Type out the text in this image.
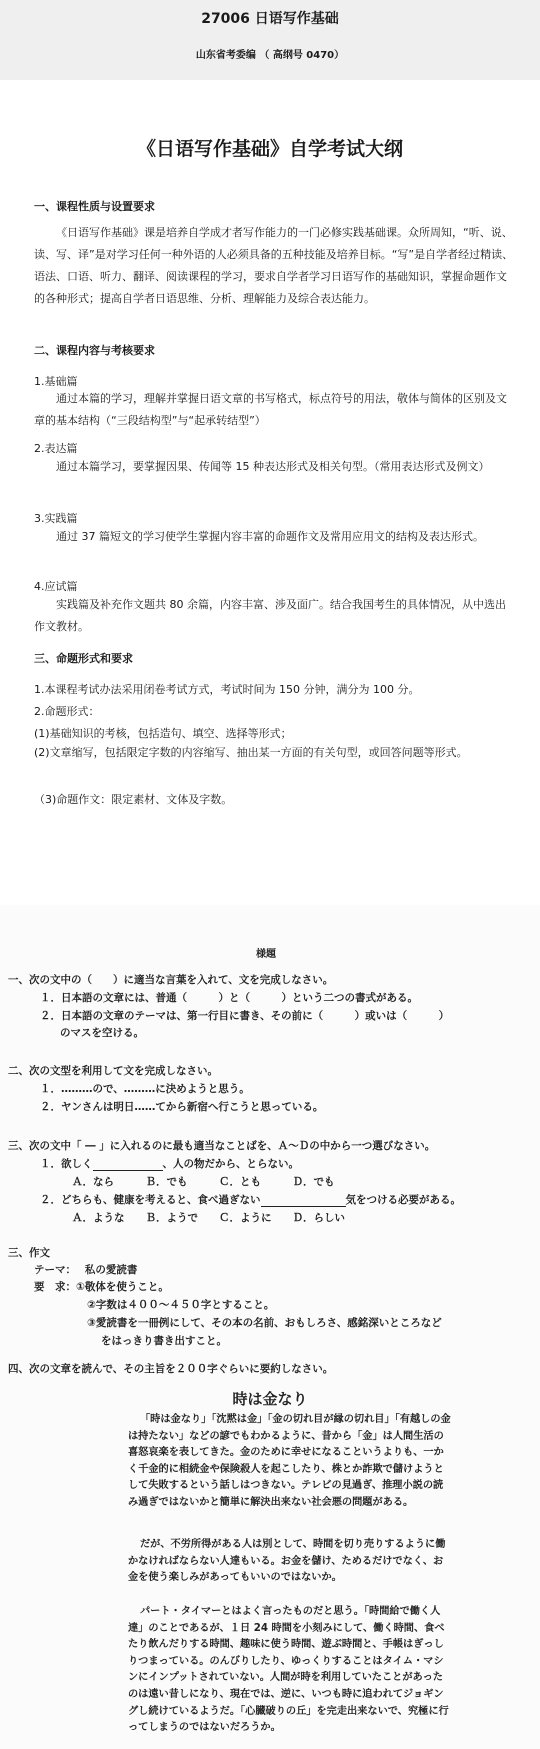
27006 日语写作基础
山东省考委编 （ 高纲号 0470）
《日语写作基础》自学考试大纲
一、课程性质与设置要求

《日语写作基础》课是培养自学成才者写作能力的一门必修实践基础课。众所周知，“听、说、读、写、译”是对学习任何一种外语的人必须具备的五种技能及培养目标。“写”是自学者经过精读、语法、口语、听力、翻译、阅读课程的学习，要求自学者学习日语写作的基础知识，掌握命题作文的各种形式；提高自学者日语思维、分析、理解能力及综合表达能力。

二、课程内容与考核要求
1.基础篇

通过本篇的学习，理解并掌握日语文章的书写格式，标点符号的用法，敬体与简体的区别及文章的基本结构（“三段结构型”与“起承转结型”）

2.表达篇

通过本篇学习，要掌握因果、传闻等 15 种表达形式及相关句型。（常用表达形式及例文）

3.实践篇

通过 37 篇短文的学习使学生掌握内容丰富的命题作文及常用应用文的结构及表达形式。

4.应试篇

实践篇及补充作文题共 80 余篇，内容丰富、涉及面广。结合我国考生的具体情况，从中选出作文教材。

三、命题形式和要求
1.本课程考试办法采用闭卷考试方式，考试时间为 150 分钟，满分为 100 分。
2.命题形式：
(1)基础知识的考核，包括造句、填空、选择等形式；

(2)文章缩写，包括限定字数的内容缩写、抽出某一方面的有关句型，或回答问题等形式。

（3)命题作文：限定素材、文体及字数。
様題
一、次の文中の（　　）に適当な言葉を入れて、文を完成しなさい。
１．日本語の文章には、普通（　　　）と（　　　）という二つの書式がある。
２．日本語の文章のテーマは、第一行目に書き、その前に（　　　）或いは（　　　）
のマスを空ける。
二、次の文型を利用して文を完成しなさい。
１．………ので、………に決めようと思う。
２．ヤンさんは明日……てから新宿へ行こうと思っている。
三、次の文中「 ― 」に入れるのに最も適当なことばを、Ａ～Ｄの中から一つ選びなさい。
１．欲しく	、人の物だから、とらない。
Ａ．なら　　　Ｂ．でも　　　Ｃ．とも　　　Ｄ．でも
２．どちらも、健康を考えると、食べ過ぎない	気をつける必要がある。
Ａ．ような　　Ｂ．ようで　　Ｃ．ように　　Ｄ．らしい
三、作文
テーマ：　 私の愛読書
要　求：①敬体を使うこと。
②字数は４００～４５０字とすること。
③愛読書を一冊例にして、その本の名前、おもしろさ、感銘深いところなど
をはっきり書き出すこと。
四、次の文章を読んで、その主旨を２００字ぐらいに要約しなさい。
時は金なり

「時は金なり」「沈黙は金」「金の切れ目が縁の切れ目」「有越しの金は持たない」などの諺でもわかるように、昔から「金」は人間生活の喜怒哀楽を表してきた。金のために幸せになるこというよりも、一かく千金的に相続金や保険殺人を起こしたり、株とか詐欺で儲けようとして失敗するという話しはつきない。テレビの見過ぎ、推理小説の読み過ぎではないかと簡単に解決出来ない社会悪の問題がある。

だが、不労所得がある人は別として、時間を切り売りするように働かなければならない人達もいる。お金を儲け、ためるだけでなく、お金を使う楽しみがあってもいいのではないか。

パート・タイマーとはよく言ったものだと思う。「時間給で働く人達」のことであるが、１日 24 時間を小刻みにして、働く時間、食べたり飲んだりする時間、趣味に使う時間、遊ぶ時間と、手帳はぎっしりつまっている。のんびりしたり、ゆっくりすることはタイム・マシンにインプットされていない。人間が時を利用していたことがあったのは遠い昔しになり、現在では、逆に、いつも時に追われてジョギングし続けているようだ。「心臓破りの丘」を完走出来ないで、究極に行ってしまうのではないだろうか。
